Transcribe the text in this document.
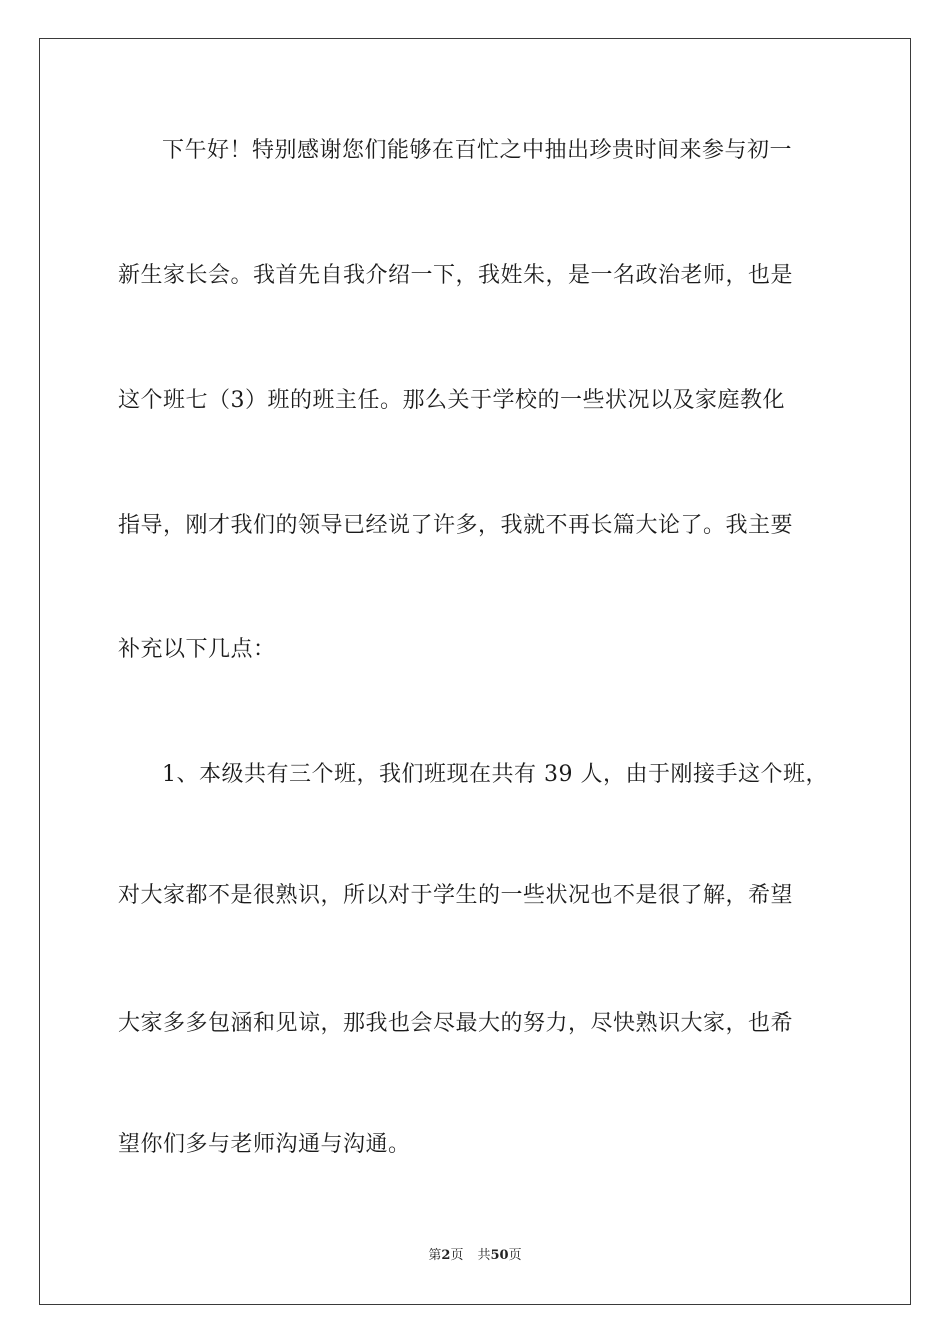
下午好！特别感谢您们能够在百忙之中抽出珍贵时间来参与初一
新生家长会。我首先自我介绍一下，我姓朱，是一名政治老师，也是
这个班七（3）班的班主任。那么关于学校的一些状况以及家庭教化
指导，刚才我们的领导已经说了许多，我就不再长篇大论了。我主要
补充以下几点：
1、本级共有三个班，我们班现在共有 39 人，由于刚接手这个班，
对大家都不是很熟识，所以对于学生的一些状况也不是很了解，希望
大家多多包涵和见谅，那我也会尽最大的努力，尽快熟识大家，也希
望你们多与老师沟通与沟通。
第2页 共50页
